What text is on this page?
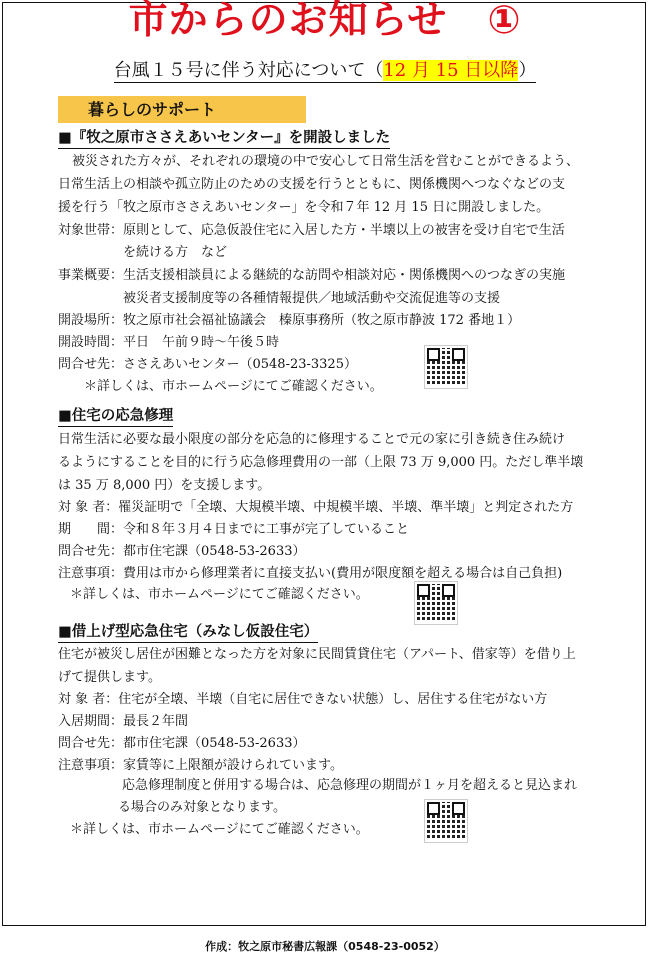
市からのお知らせ　①
台風１５号に伴う対応について（12 月 15 日以降）
暮らしのサポート
■『牧之原市ささえあいセンター』を開設しました
被災された方々が、それぞれの環境の中で安心して日常生活を営むことができるよう、
日常生活上の相談や孤立防止のための支援を行うとともに、関係機関へつなぐなどの支
援を行う「牧之原市ささえあいセンター」を令和７年 12 月 15 日に開設しました。
対象世帯：原則として、応急仮設住宅に入居した方・半壊以上の被害を受け自宅で生活
　　　　　を続ける方　など
事業概要：生活支援相談員による継続的な訪問や相談対応・関係機関へのつなぎの実施
　　　　　被災者支援制度等の各種情報提供／地域活動や交流促進等の支援
開設場所：牧之原市社会福祉協議会　榛原事務所（牧之原市静波 172 番地１）
開設時間：平日　午前９時～午後５時
問合せ先：ささえあいセンター（0548-23-3325）
＊詳しくは、市ホームページにてご確認ください。
■住宅の応急修理
日常生活に必要な最小限度の部分を応急的に修理することで元の家に引き続き住み続け
るようにすることを目的に行う応急修理費用の一部（上限 73 万 9,000 円。ただし準半壊
は 35 万 8,000 円）を支援します。
対 象 者：罹災証明で「全壊、大規模半壊、中規模半壊、半壊、準半壊」と判定された方
期　　間：令和８年３月４日までに工事が完了していること
問合せ先：都市住宅課（0548-53-2633）
注意事項：費用は市から修理業者に直接支払い(費用が限度額を超える場合は自己負担)
＊詳しくは、市ホームページにてご確認ください。
■借上げ型応急住宅（みなし仮設住宅）
住宅が被災し居住が困難となった方を対象に民間賃貸住宅（アパート、借家等）を借り上
げて提供します。
対 象 者：住宅が全壊、半壊（自宅に居住できない状態）し、居住する住宅がない方
入居期間：最長２年間
問合せ先：都市住宅課（0548-53-2633）
注意事項：家賃等に上限額が設けられています。
応急修理制度と併用する場合は、応急修理の期間が１ヶ月を超えると見込まれ
る場合のみ対象となります。
＊詳しくは、市ホームページにてご確認ください。
作成：牧之原市秘書広報課（0548-23-0052）
